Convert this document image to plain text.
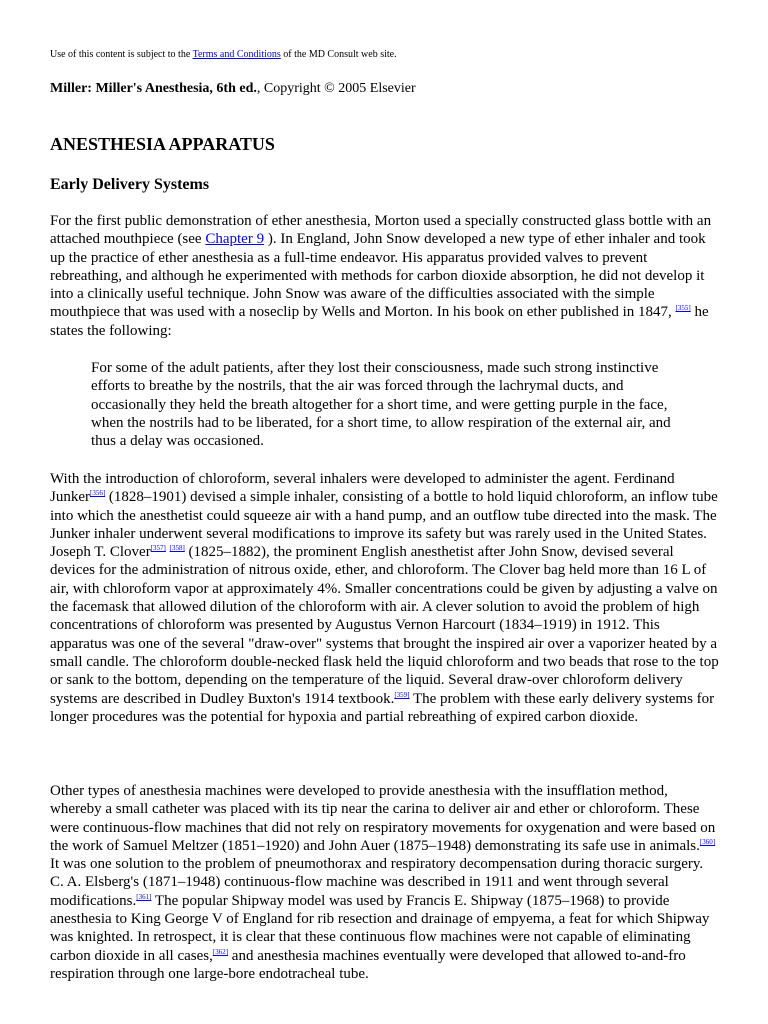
Use of this content is subject to the Terms and Conditions of the MD Consult web site.
Miller: Miller's Anesthesia, 6th ed., Copyright © 2005 Elsevier
ANESTHESIA APPARATUS
Early Delivery Systems

For the first public demonstration of ether anesthesia, Morton used a specially constructed glass bottle with an attached mouthpiece (see Chapter 9 ). In England, John Snow developed a new type of ether inhaler and took up the practice of ether anesthesia as a full-time endeavor. His apparatus provided valves to prevent rebreathing, and although he experimented with methods for carbon dioxide absorption, he did not develop it into a clinically useful technique. John Snow was aware of the difficulties associated with the simple mouthpiece that was used with a noseclip by Wells and Morton. In his book on ether published in 1847, [355] he states the following:

For some of the adult patients, after they lost their consciousness, made such strong instinctive efforts to breathe by the nostrils, that the air was forced through the lachrymal ducts, and occasionally they held the breath altogether for a short time, and were getting purple in the face, when the nostrils had to be liberated, for a short time, to allow respiration of the external air, and thus a delay was occasioned.

With the introduction of chloroform, several inhalers were developed to administer the agent. Ferdinand Junker[356] (1828–1901) devised a simple inhaler, consisting of a bottle to hold liquid chloroform, an inflow tube into which the anesthetist could squeeze air with a hand pump, and an outflow tube directed into the mask. The Junker inhaler underwent several modifications to improve its safety but was rarely used in the United States. Joseph T. Clover[357] [358] (1825–1882), the prominent English anesthetist after John Snow, devised several devices for the administration of nitrous oxide, ether, and chloroform. The Clover bag held more than 16 L of air, with chloroform vapor at approximately 4%. Smaller concentrations could be given by adjusting a valve on the facemask that allowed dilution of the chloroform with air. A clever solution to avoid the problem of high concentrations of chloroform was presented by Augustus Vernon Harcourt (1834–1919) in 1912. This apparatus was one of the several "draw-over" systems that brought the inspired air over a vaporizer heated by a small candle. The chloroform double-necked flask held the liquid chloroform and two beads that rose to the top or sank to the bottom, depending on the temperature of the liquid. Several draw-over chloroform delivery systems are described in Dudley Buxton's 1914 textbook.[359] The problem with these early delivery systems for longer procedures was the potential for hypoxia and partial rebreathing of expired carbon dioxide.

Other types of anesthesia machines were developed to provide anesthesia with the insufflation method, whereby a small catheter was placed with its tip near the carina to deliver air and ether or chloroform. These were continuous-flow machines that did not rely on respiratory movements for oxygenation and were based on the work of Samuel Meltzer (1851–1920) and John Auer (1875–1948) demonstrating its safe use in animals.[360] It was one solution to the problem of pneumothorax and respiratory decompensation during thoracic surgery. C. A. Elsberg's (1871–1948) continuous-flow machine was described in 1911 and went through several modifications.[361] The popular Shipway model was used by Francis E. Shipway (1875–1968) to provide anesthesia to King George V of England for rib resection and drainage of empyema, a feat for which Shipway was knighted. In retrospect, it is clear that these continuous flow machines were not capable of eliminating carbon dioxide in all cases,[362] and anesthesia machines eventually were developed that allowed to-and-fro respiration through one large-bore endotracheal tube.
